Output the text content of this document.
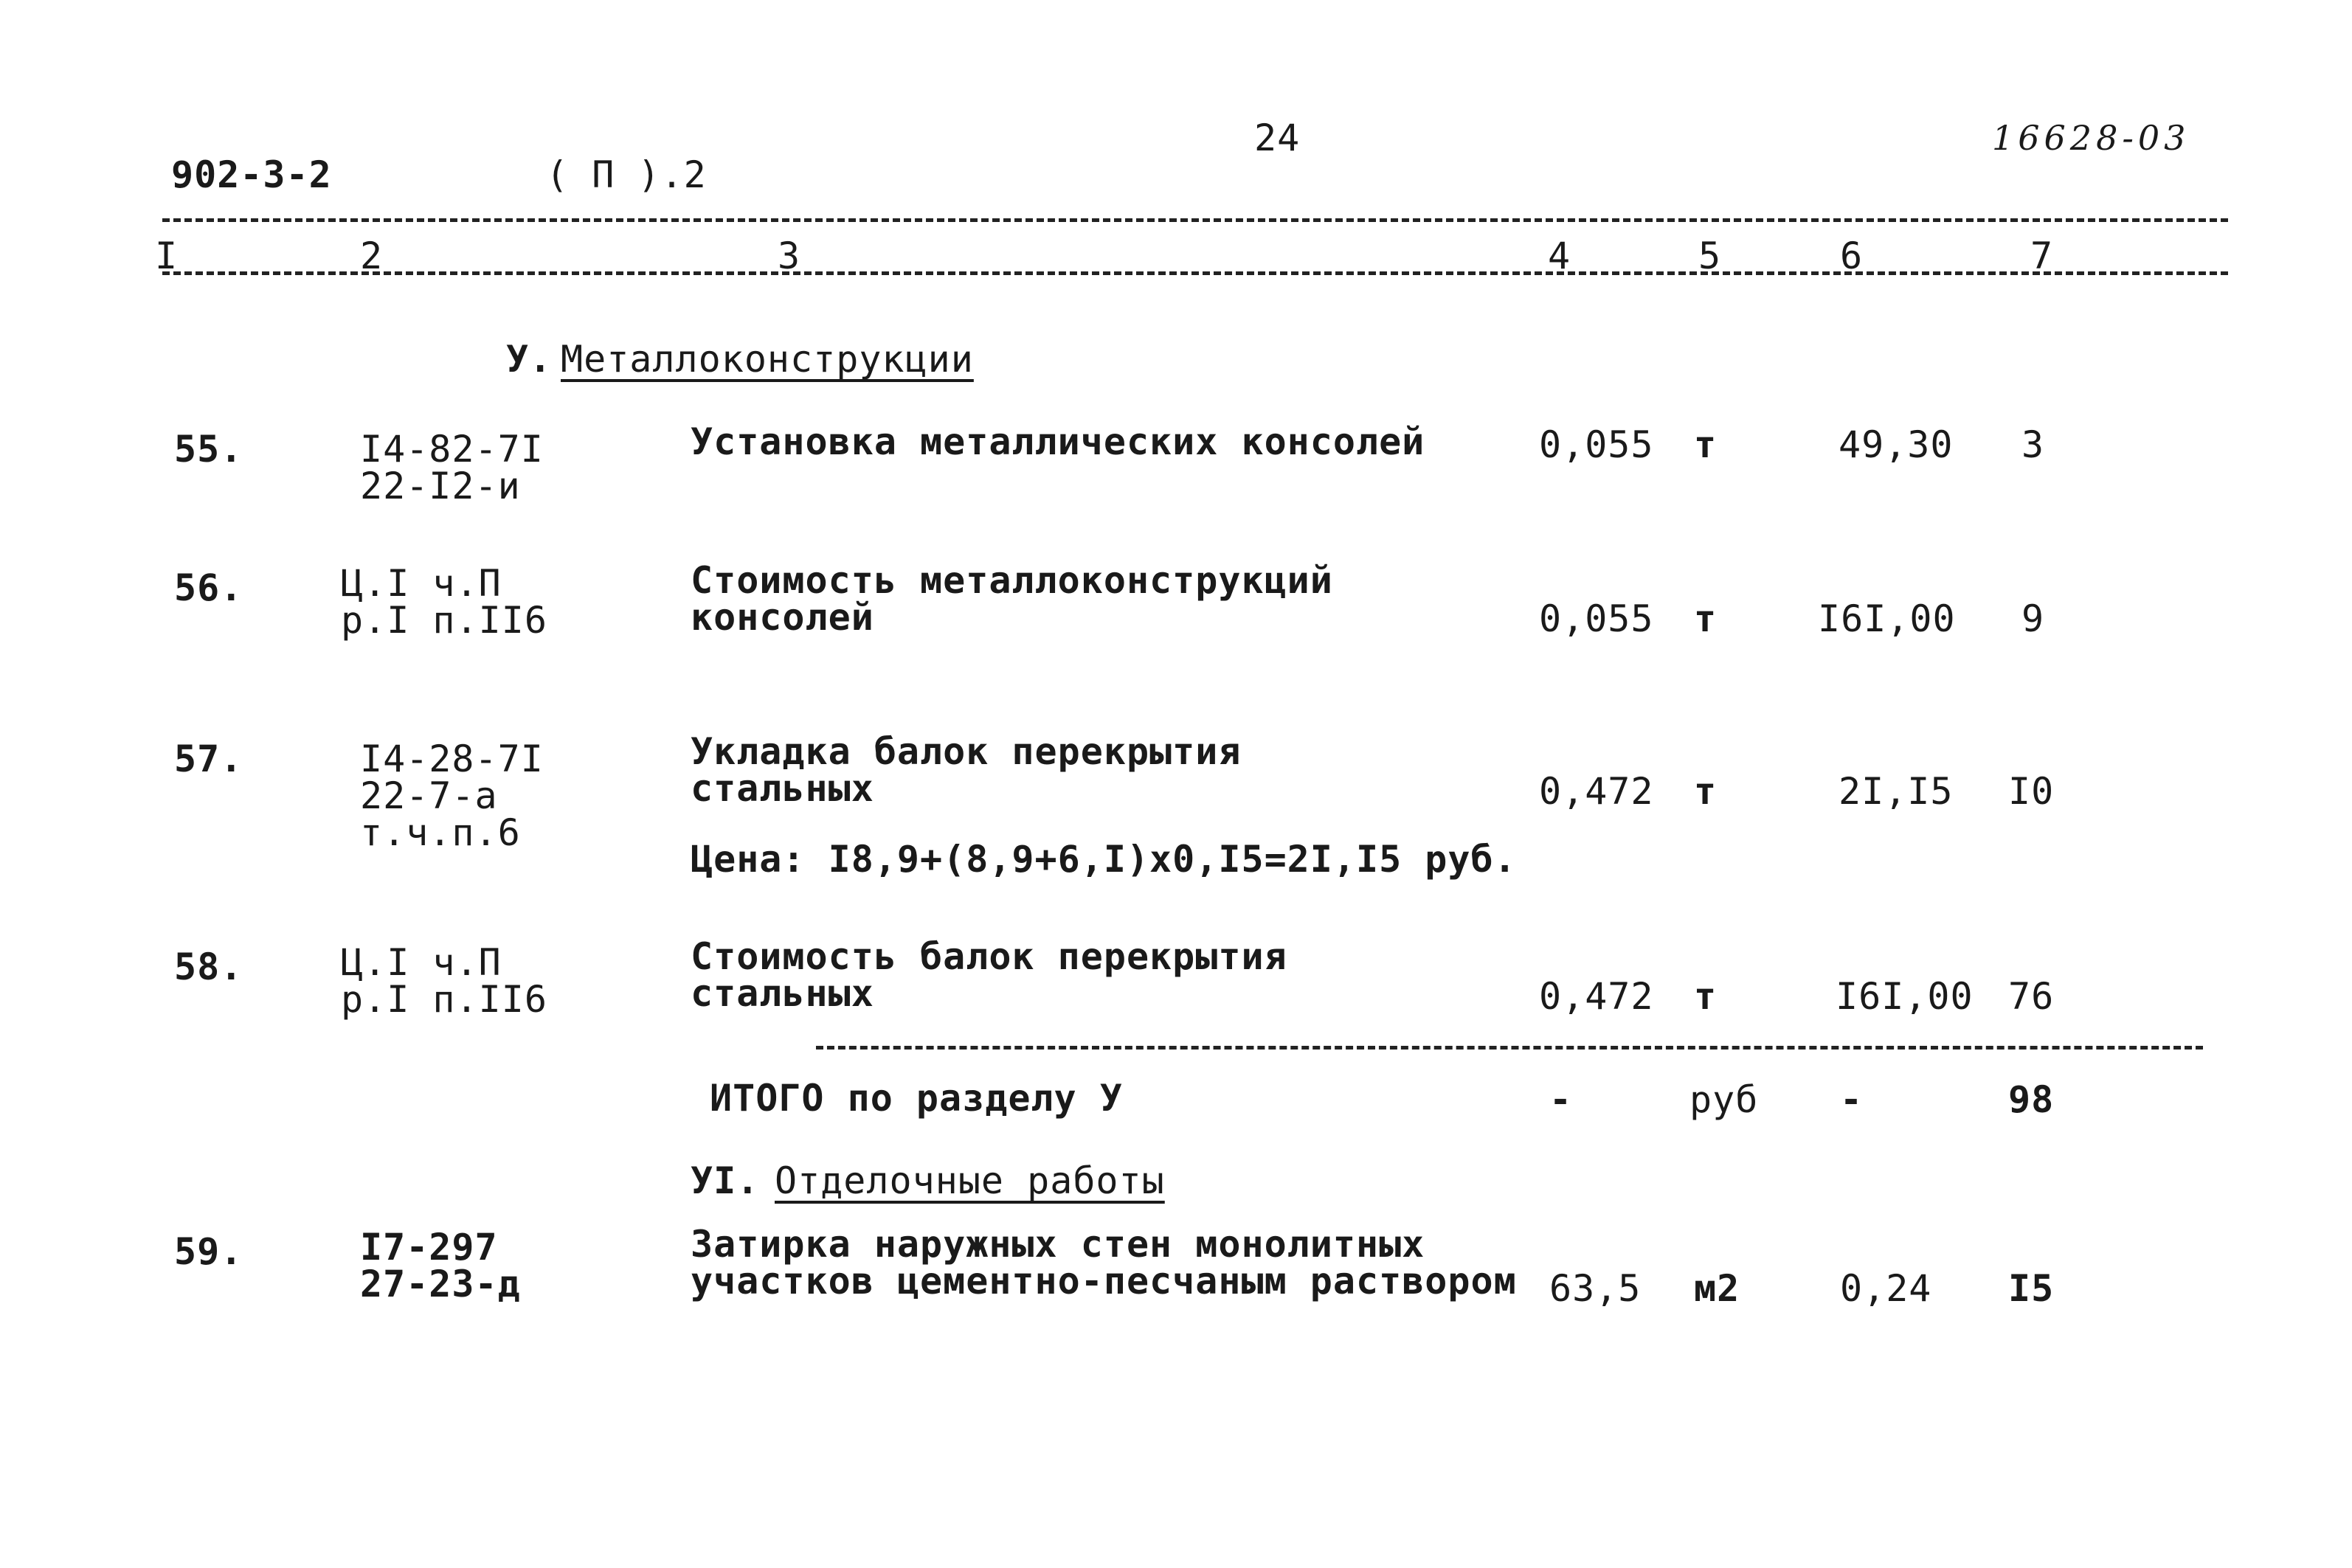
902-3-2	( П ).2
24	16628-03
I	2	3	4	5	6	7
У. Металлоконструкции
55.	I4-82-7I
22-I2-и
Установка металлических консолей	0,055 т	49,30 3
56.	Ц.I ч.П
р.I п.II6
Стоимость металлоконструкций
консолей	0,055 т	I6I,00 9
57.	I4-28-7I
22-7-а
т.ч.п.6
Укладка балок перекрытия
стальных
Цена: I8,9+(8,9+6,I)x0,I5=2I,I5 руб.
0,472 т	2I,I5 I0
58.	Ц.I ч.П
р.I п.II6
Стоимость балок перекрытия
стальных	0,472 т	I6I,00 76
ИТОГО по разделу У	-	руб -	98
УI. Отделочные работы
59.	I7-297
27-23-д
Затирка наружных стен монолитных
участков цементно-песчаным раствором 63,5 м2	0,24 I5
